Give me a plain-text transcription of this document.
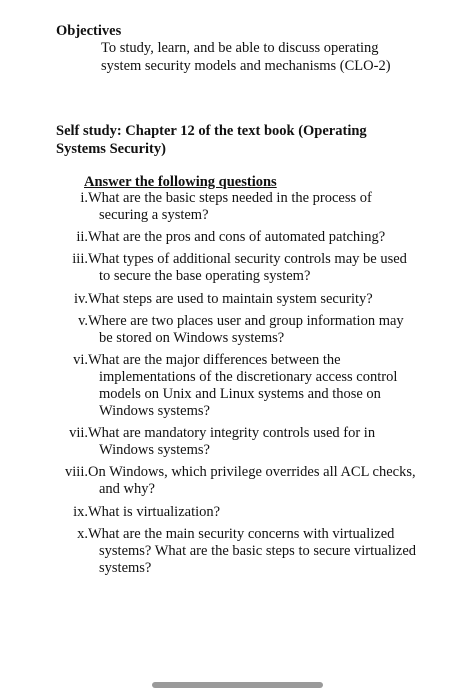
Objectives
To study, learn, and be able to discuss operating system security models and mechanisms (CLO-2)
Self study: Chapter 12 of the text book (Operating Systems Security)
Answer the following questions
i. What are the basic steps needed in the process of securing a system?
ii. What are the pros and cons of automated patching?
iii. What types of additional security controls may be used to secure the base operating system?
iv. What steps are used to maintain system security?
v. Where are two places user and group information may be stored on Windows systems?
vi. What are the major differences between the implementations of the discretionary access control models on Unix and Linux systems and those on Windows systems?
vii. What are mandatory integrity controls used for in Windows systems?
viii. On Windows, which privilege overrides all ACL checks, and why?
ix. What is virtualization?
x. What are the main security concerns with virtualized systems? What are the basic steps to secure virtualized systems?
